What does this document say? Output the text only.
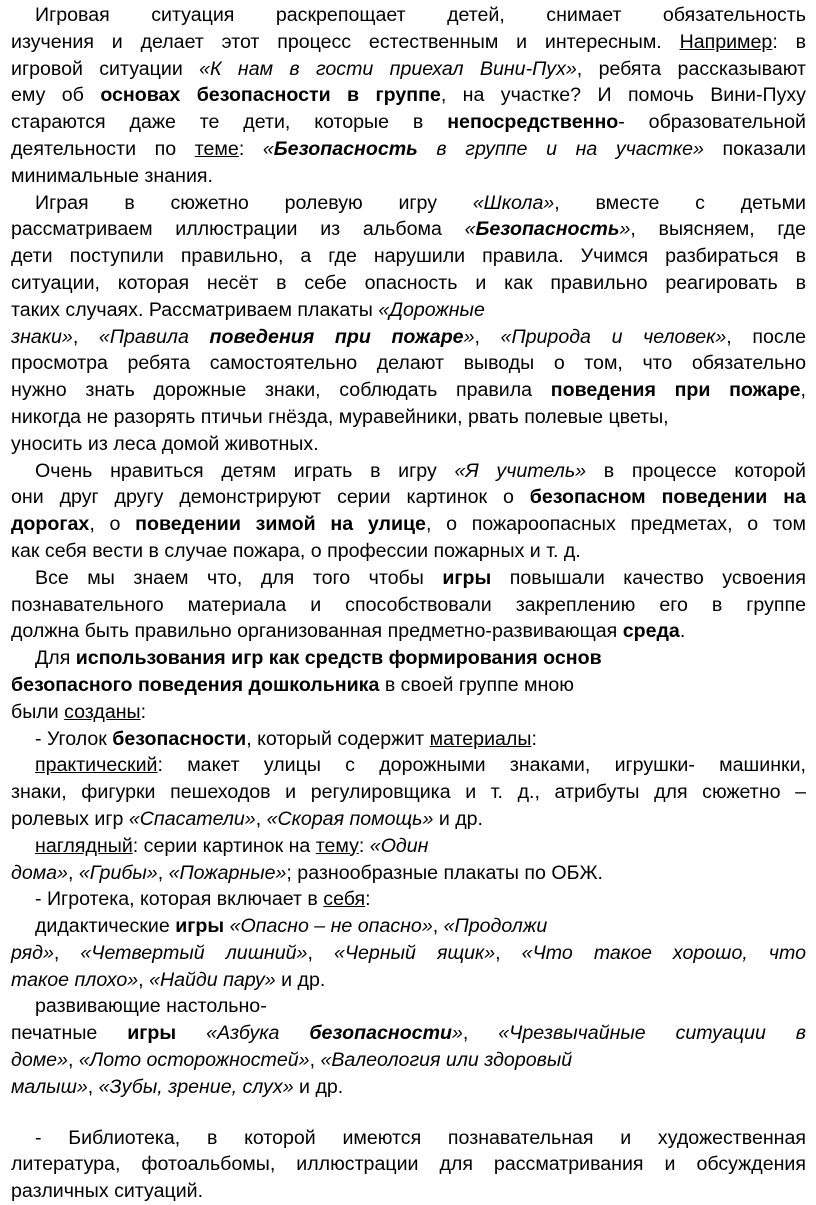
Игровая ситуация раскрепощает детей, снимает обязательность
изучения и делает этот процесс естественным и интересным. Например: в
игровой ситуации «К нам в гости приехал Вини-Пух», ребята рассказывают
ему об основах безопасности в группе, на участке? И помочь Вини-Пуху
стараются даже те дети, которые в непосредственно- образовательной
деятельности по теме: «Безопасность в группе и на участке» показали
минимальные знания.
Играя в сюжетно ролевую игру «Школа», вместе с детьми
рассматриваем иллюстрации из альбома «Безопасность», выясняем, где
дети поступили правильно, а где нарушили правила. Учимся разбираться в
ситуации, которая несёт в себе опасность и как правильно реагировать в
таких случаях. Рассматриваем плакаты «Дорожные
знаки», «Правила поведения при пожаре», «Природа и человек», после
просмотра ребята самостоятельно делают выводы о том, что обязательно
нужно знать дорожные знаки, соблюдать правила поведения при пожаре,
никогда не разорять птичьи гнёзда, муравейники, рвать полевые цветы,
уносить из леса домой животных.
Очень нравиться детям играть в игру «Я учитель» в процессе которой
они друг другу демонстрируют серии картинок о безопасном поведении на
дорогах, о поведении зимой на улице, о пожароопасных предметах, о том
как себя вести в случае пожара, о профессии пожарных и т. д.
Все мы знаем что, для того чтобы игры повышали качество усвоения
познавательного материала и способствовали закреплению его в группе
должна быть правильно организованная предметно-развивающая среда.
Для использования игр как средств формирования основ
безопасного поведения дошкольника в своей группе мною
были созданы:
- Уголок безопасности, который содержит материалы:
практический: макет улицы с дорожными знаками, игрушки- машинки,
знаки, фигурки пешеходов и регулировщика и т. д., атрибуты для сюжетно –
ролевых игр «Спасатели», «Скорая помощь» и др.
наглядный: серии картинок на тему: «Один
дома», «Грибы», «Пожарные»; разнообразные плакаты по ОБЖ.
- Игротека, которая включает в себя:
дидактические игры «Опасно – не опасно», «Продолжи
ряд», «Четвертый лишний», «Черный ящик», «Что такое хорошо, что
такое плохо», «Найди пару» и др.
развивающие настольно-
печатные игры «Азбука безопасности», «Чрезвычайные ситуации в
доме», «Лото осторожностей», «Валеология или здоровый
малыш», «Зубы, зрение, слух» и др.
- Библиотека, в которой имеются познавательная и художественная
литература, фотоальбомы, иллюстрации для рассматривания и обсуждения
различных ситуаций.
